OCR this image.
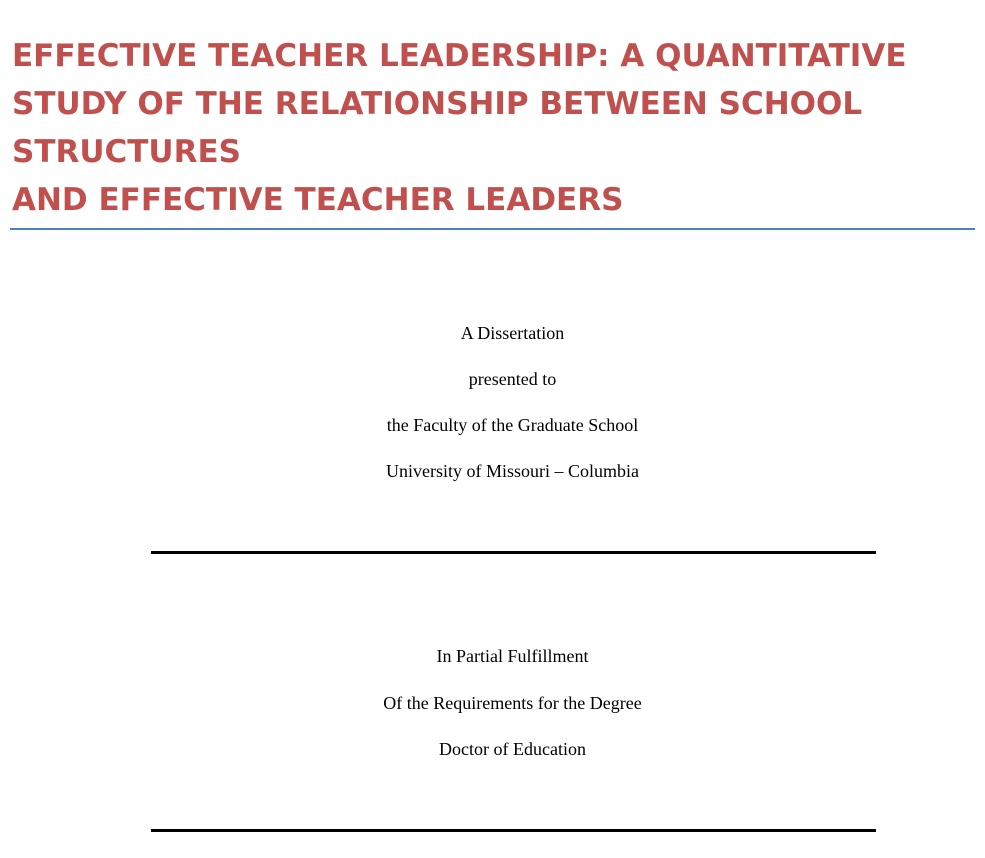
EFFECTIVE TEACHER LEADERSHIP: A QUANTITATIVE
STUDY OF THE RELATIONSHIP BETWEEN SCHOOL
STRUCTURES
AND EFFECTIVE TEACHER LEADERS
A Dissertation
presented to
the Faculty of the Graduate School
University of Missouri – Columbia
In Partial Fulfillment
Of the Requirements for the Degree
Doctor of Education
